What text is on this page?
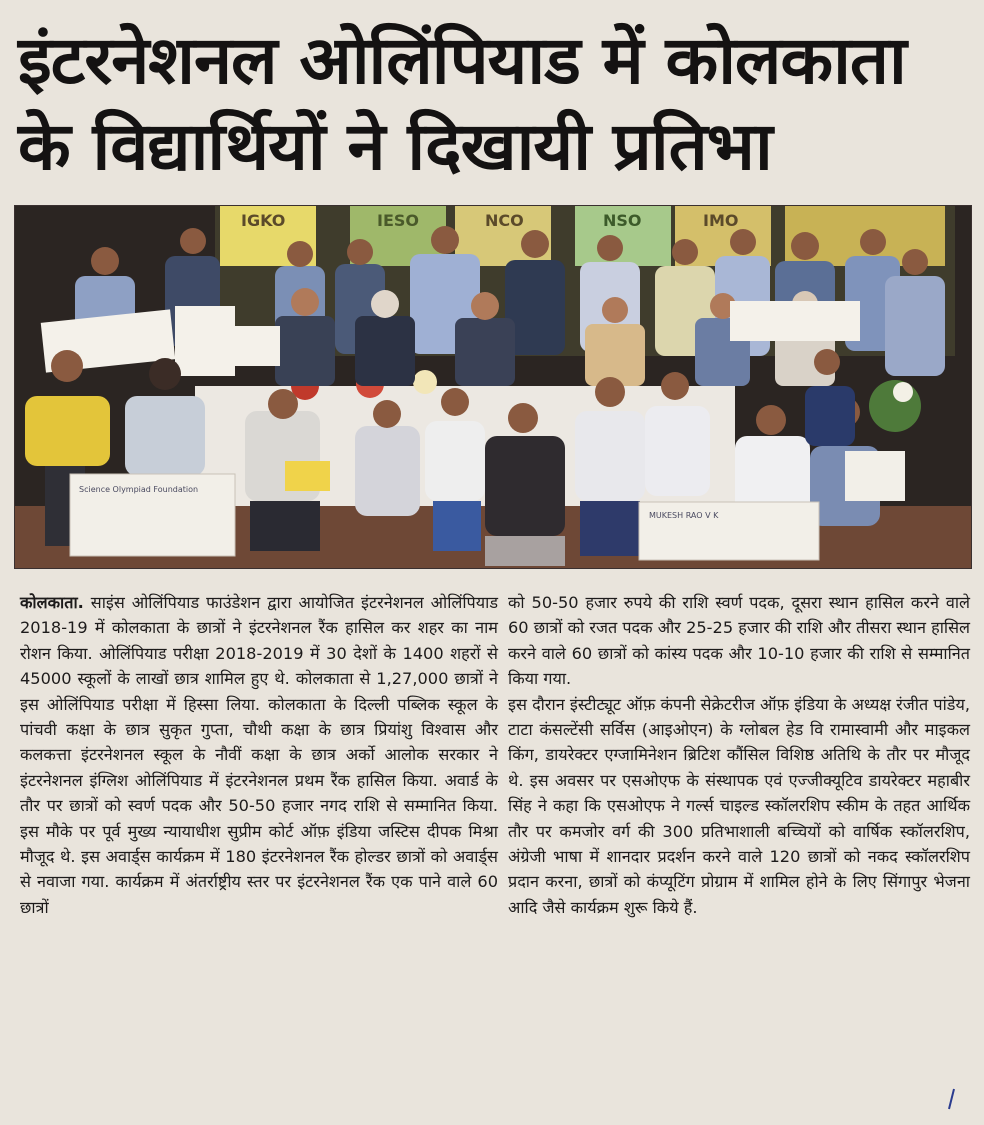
इंटरनेशनल ओलिंपियाड में कोलकाता
के विद्यार्थियों ने दिखायी प्रतिभा
IGKO	IESO	NCO	NSO	IMO
Science Olympiad Foundation
MUKESH RAO V K

कोलकाता. साइंस ओलिंपियाड फाउंडेशन द्वारा आयोजित इंटरनेशनल ओलिंपियाड 2018-19 में कोलकाता के छात्रों ने इंटरनेशनल रैंक हासिल कर शहर का नाम रोशन किया. ओलिंपियाड परीक्षा 2018-2019 में 30 देशों के 1400 शहरों से 45000 स्कूलों के लाखों छात्र शामिल हुए थे. कोलकाता से 1,27,000 छात्रों ने इस ओलिंपियाड परीक्षा में हिस्सा लिया. कोलकाता के दिल्ली पब्लिक स्कूल के पांचवी कक्षा के छात्र सुकृत गुप्ता, चौथी कक्षा के छात्र प्रियांशु विश्वास और कलकत्ता इंटरनेशनल स्कूल के नौवीं कक्षा के छात्र अर्को आलोक सरकार ने इंटरनेशनल इंग्लिश ओलिंपियाड में इंटरनेशनल प्रथम रैंक हासिल किया. अवार्ड के तौर पर छात्रों को स्वर्ण पदक और 50-50 हजार नगद राशि से सम्मानित किया. इस मौके पर पूर्व मुख्य न्यायाधीश सुप्रीम कोर्ट ऑफ़ इंडिया जस्टिस दीपक मिश्रा मौजूद थे. इस अवार्ड्स कार्यक्रम में 180 इंटरनेशनल रैंक होल्डर छात्रों को अवार्ड्स से नवाजा गया. कार्यक्रम में अंतर्राष्ट्रीय स्तर पर इंटरनेशनल रैंक एक पाने वाले 60 छात्रों

को 50-50 हजार रुपये की राशि स्वर्ण पदक, दूसरा स्थान हासिल करने वाले 60 छात्रों को रजत पदक और 25-25 हजार की राशि और तीसरा स्थान हासिल करने वाले 60 छात्रों को कांस्य पदक और 10-10 हजार की राशि से सम्मानित किया गया.

इस दौरान इंस्टीट्यूट ऑफ़ कंपनी सेक्रेटरीज ऑफ़ इंडिया के अध्यक्ष रंजीत पांडेय, टाटा कंसल्टेंसी सर्विस (आइओएन) के ग्लोबल हेड वि रामास्वामी और माइकल किंग, डायरेक्टर एग्जामिनेशन ब्रिटिश कौंसिल विशिष्ठ अतिथि के तौर पर मौजूद थे. इस अवसर पर एसओएफ के संस्थापक एवं एज्जीक्यूटिव डायरेक्टर महाबीर सिंह ने कहा कि एसओएफ ने गर्ल्स चाइल्ड स्कॉलरशिप स्कीम के तहत आर्थिक तौर पर कमजोर वर्ग की 300 प्रतिभाशाली बच्चियों को वार्षिक स्कॉलरशिप, अंग्रेजी भाषा में शानदार प्रदर्शन करने वाले 120 छात्रों को नकद स्कॉलरशिप प्रदान करना, छात्रों को कंप्यूटिंग प्रोग्राम में शामिल होने के लिए सिंगापुर भेजना आदि जैसे कार्यक्रम शुरू किये हैं.
